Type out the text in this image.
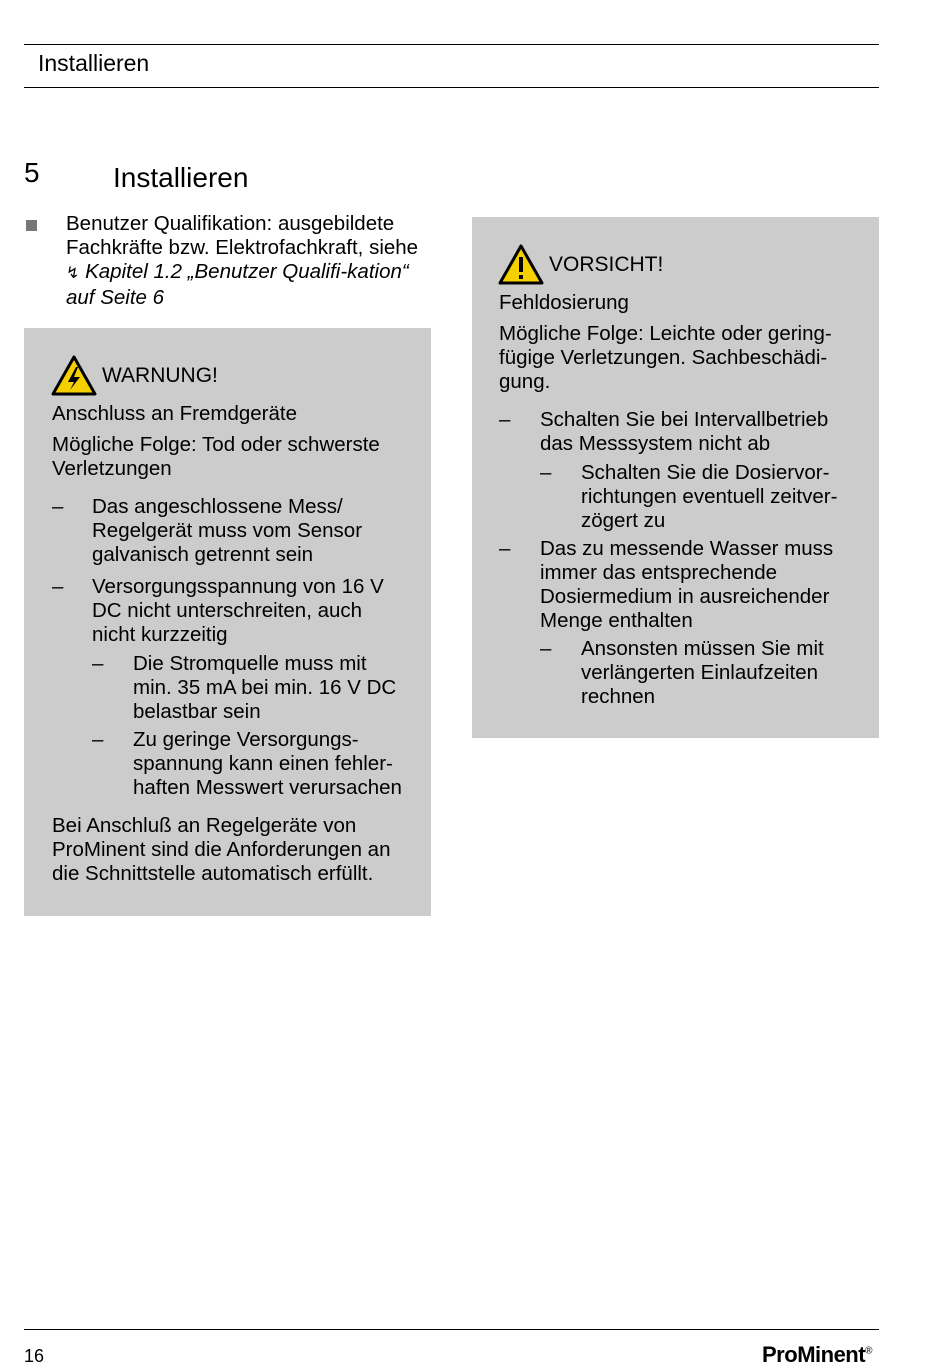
Installieren
5	Installieren
Benutzer Qualifikation: ausgebildete Fachkräfte bzw. Elektrofachkraft, siehe ↯ Kapitel 1.2 „Benutzer Qualifi-kation“ auf Seite 6
WARNUNG!
Anschluss an Fremdgeräte
Mögliche Folge: Tod oder schwerste
Verletzungen
– Das angeschlossene Mess/
Regelgerät muss vom Sensor
galvanisch getrennt sein
– Versorgungsspannung von 16 V
DC nicht unterschreiten, auch
nicht kurzzeitig
– Die Stromquelle muss mit
min. 35 mA bei min. 16 V DC
belastbar sein
– Zu geringe Versorgungs-
spannung kann einen fehler-
haften Messwert verursachen
Bei Anschluß an Regelgeräte von
ProMinent sind die Anforderungen an
die Schnittstelle automatisch erfüllt.
VORSICHT!
Fehldosierung
Mögliche Folge: Leichte oder gering-
fügige Verletzungen. Sachbeschädi-
gung.
– Schalten Sie bei Intervallbetrieb
das Messsystem nicht ab
– Schalten Sie die Dosiervor-
richtungen eventuell zeitver-
zögert zu
– Das zu messende Wasser muss
immer das entsprechende
Dosiermedium in ausreichender
Menge enthalten
– Ansonsten müssen Sie mit
verlängerten Einlaufzeiten
rechnen
16	ProMinent®
